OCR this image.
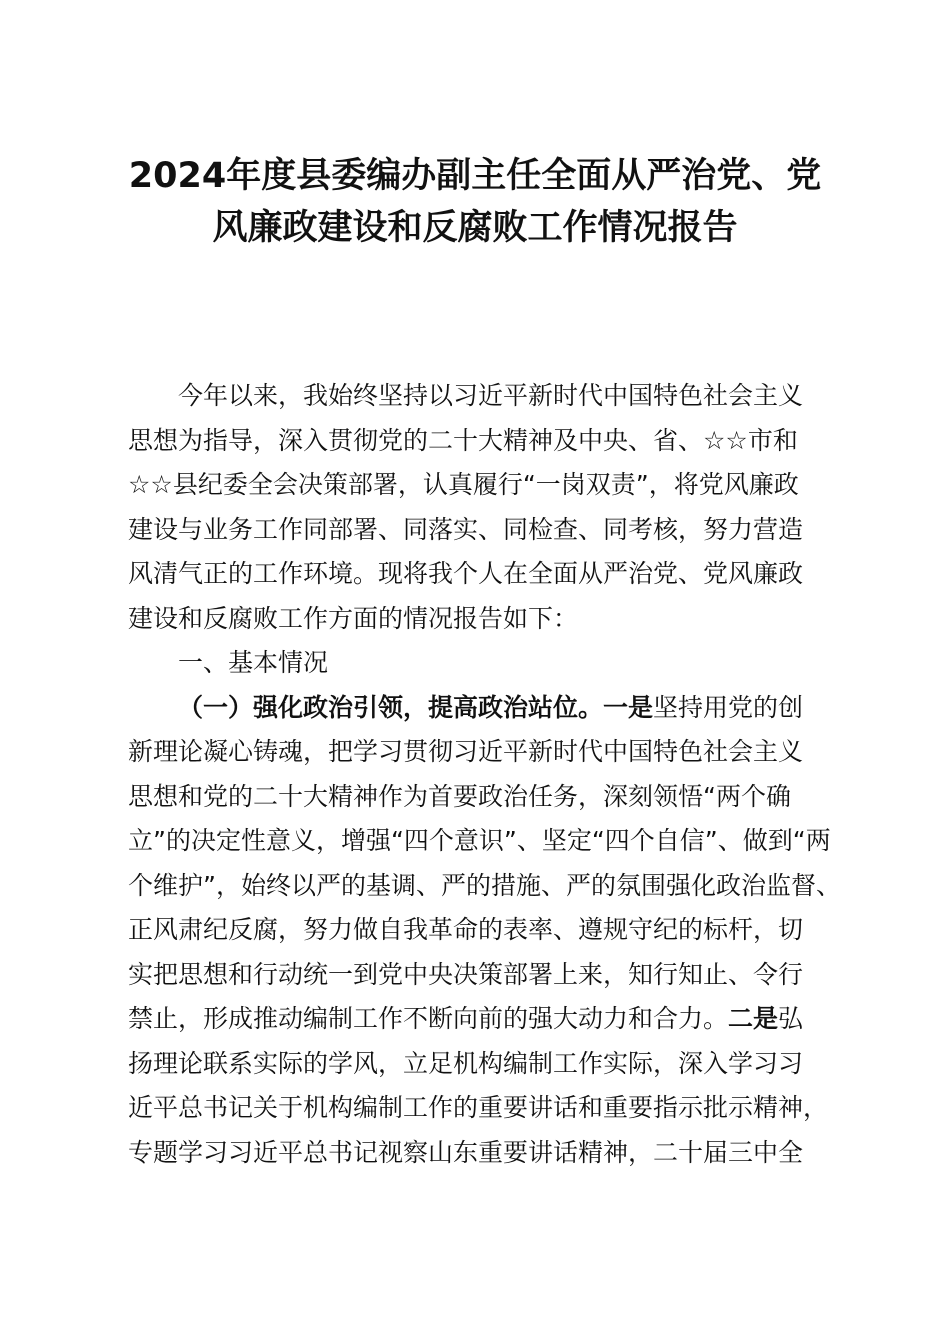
2024年度县委编办副主任全面从严治党、党
风廉政建设和反腐败工作情况报告
今年以来，我始终坚持以习近平新时代中国特色社会主义
思想为指导，深入贯彻党的二十大精神及中央、省、☆☆市和
☆☆县纪委全会决策部署，认真履行“一岗双责”，将党风廉政
建设与业务工作同部署、同落实、同检查、同考核，努力营造
风清气正的工作环境。现将我个人在全面从严治党、党风廉政
建设和反腐败工作方面的情况报告如下：
一、基本情况
（一）强化政治引领，提高政治站位。一是坚持用党的创
新理论凝心铸魂，把学习贯彻习近平新时代中国特色社会主义
思想和党的二十大精神作为首要政治任务，深刻领悟“两个确
立”的决定性意义，增强“四个意识”、坚定“四个自信”、做到“两
个维护”，始终以严的基调、严的措施、严的氛围强化政治监督、
正风肃纪反腐，努力做自我革命的表率、遵规守纪的标杆，切
实把思想和行动统一到党中央决策部署上来，知行知止、令行
禁止，形成推动编制工作不断向前的强大动力和合力。二是弘
扬理论联系实际的学风，立足机构编制工作实际，深入学习习
近平总书记关于机构编制工作的重要讲话和重要指示批示精神，
专题学习习近平总书记视察山东重要讲话精神，二十届三中全
